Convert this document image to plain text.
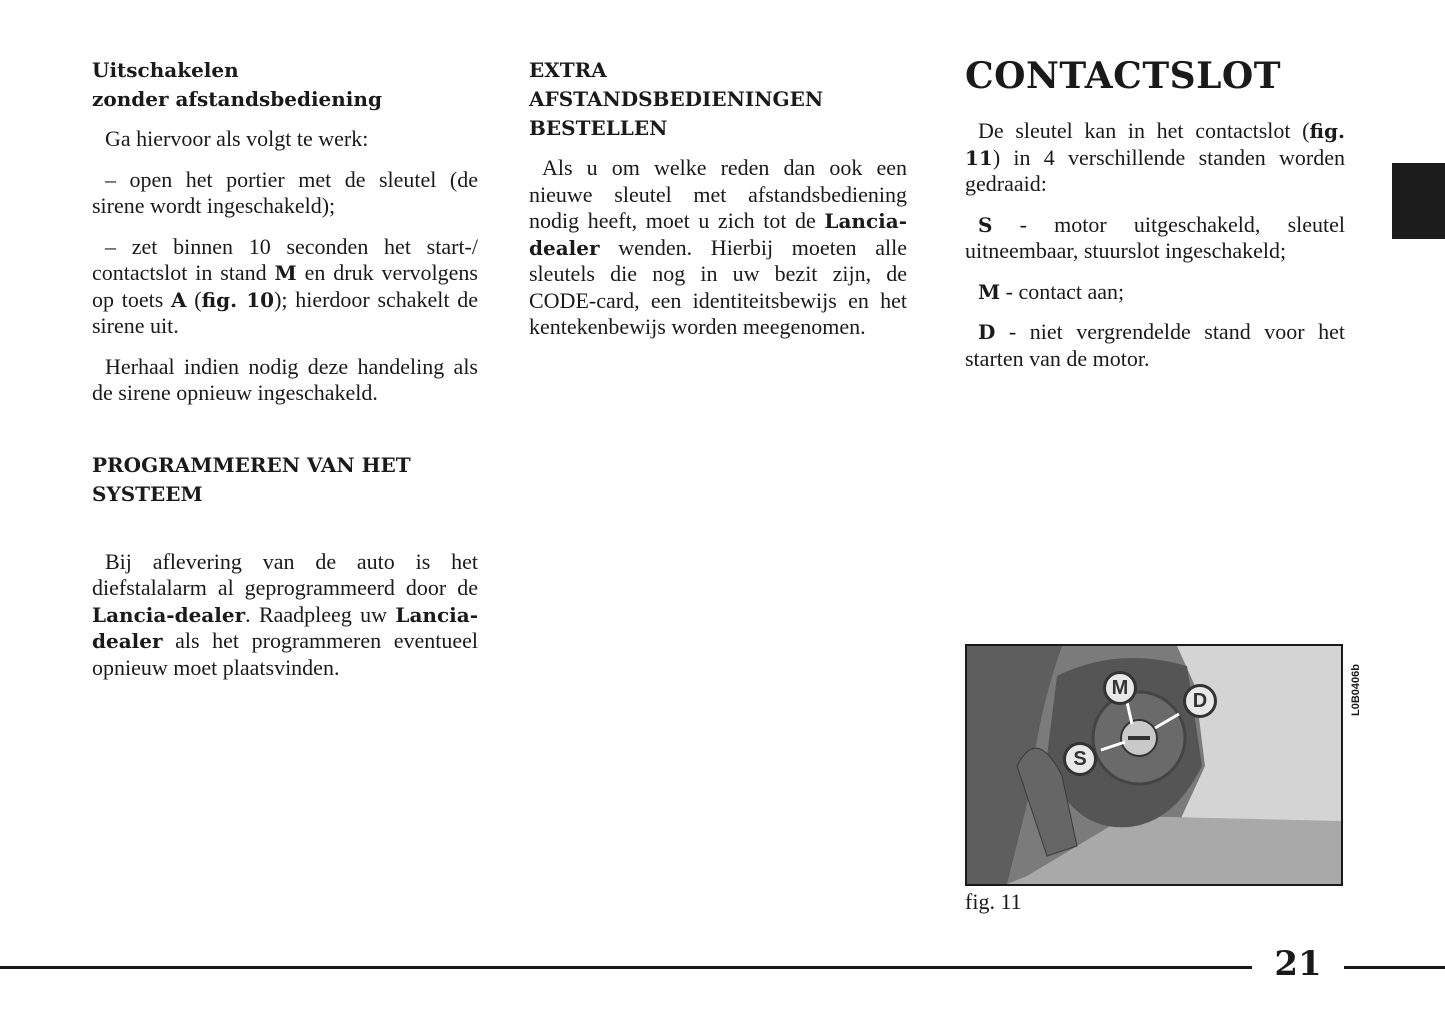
Uitschakelen
zonder afstandsbediening

Ga hiervoor als volgt te werk:

– open het portier met de sleutel (de sirene wordt ingeschakeld);

– zet binnen 10 seconden het start-/ contactslot in stand M en druk vervolgens op toets A (fig. 10); hierdoor schakelt de sirene uit.

Herhaal indien nodig deze handeling als de sirene opnieuw ingeschakeld.

PROGRAMMEREN VAN HET
SYSTEEM

Bij aflevering van de auto is het diefstalalarm al geprogrammeerd door de Lancia-dealer. Raadpleeg uw Lancia-dealer als het programmeren eventueel opnieuw moet plaatsvinden.

EXTRA
AFSTANDSBEDIENINGEN
BESTELLEN

Als u om welke reden dan ook een nieuwe sleutel met afstandsbediening nodig heeft, moet u zich tot de Lancia-dealer wenden. Hierbij moeten alle sleutels die nog in uw bezit zijn, de CODE-card, een identiteitsbewijs en het kentekenbewijs worden meegenomen.

CONTACTSLOT

De sleutel kan in het contactslot (fig. 11) in 4 verschillende standen worden gedraaid:

S - motor uitgeschakeld, sleutel uitneembaar, stuurslot ingeschakeld;

M - contact aan;

D - niet vergrendelde stand voor het starten van de motor.

S
M
D	L0B0406b
fig. 11
21
